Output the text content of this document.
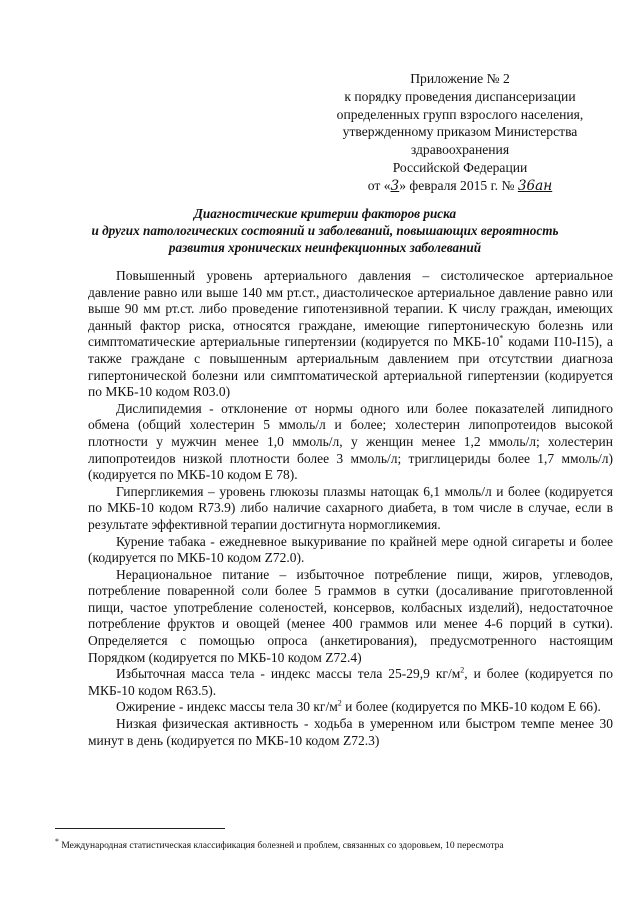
Приложение № 2
к порядку проведения диспансеризации
определенных групп взрослого населения,
утвержденному приказом Министерства
здравоохранения
Российской Федерации
от «3» февраля 2015 г. № 36ан
Диагностические критерии факторов риска
и других патологических состояний и заболеваний, повышающих вероятность
развития хронических неинфекционных заболеваний

Повышенный уровень артериального давления – систолическое артериальное давление равно или выше 140 мм рт.ст., диастолическое артериальное давление равно или выше 90 мм рт.ст. либо проведение гипотензивной терапии. К числу граждан, имеющих данный фактор риска, относятся граждане, имеющие гипертоническую болезнь или симптоматические артериальные гипертензии (кодируется по МКБ-10* кодами I10-I15), а также граждане с повышенным артериальным давлением при отсутствии диагноза гипертонической болезни или симптоматической артериальной гипертензии (кодируется по МКБ-10 кодом R03.0)

Дислипидемия - отклонение от нормы одного или более показателей липидного обмена (общий холестерин 5 ммоль/л и более; холестерин липопротеидов высокой плотности у мужчин менее 1,0 ммоль/л, у женщин менее 1,2 ммоль/л; холестерин липопротеидов низкой плотности более 3 ммоль/л; триглицериды более 1,7 ммоль/л) (кодируется по МКБ-10 кодом Е 78).

Гипергликемия – уровень глюкозы плазмы натощак 6,1 ммоль/л и более (кодируется по МКБ-10 кодом R73.9) либо наличие сахарного диабета, в том числе в случае, если в результате эффективной терапии достигнута нормогликемия.

Курение табака - ежедневное выкуривание по крайней мере одной сигареты и более (кодируется по МКБ-10 кодом Z72.0).

Нерациональное питание – избыточное потребление пищи, жиров, углеводов, потребление поваренной соли более 5 граммов в сутки (досаливание приготовленной пищи, частое употребление соленостей, консервов, колбасных изделий), недостаточное потребление фруктов и овощей (менее 400 граммов или менее 4-6 порций в сутки). Определяется с помощью опроса (анкетирования), предусмотренного настоящим Порядком (кодируется по МКБ-10 кодом Z72.4)

Избыточная масса тела - индекс массы тела 25-29,9 $кг/м^2$, и более (кодируется по МКБ-10 кодом R63.5).

Ожирение - индекс массы тела 30 $кг/м^2$ и более (кодируется по МКБ-10 кодом Е 66).

Низкая физическая активность - ходьба в умеренном или быстром темпе менее 30 минут в день (кодируется по МКБ-10 кодом Z72.3)

* Международная статистическая классификация болезней и проблем, связанных со здоровьем, 10 пересмотра
